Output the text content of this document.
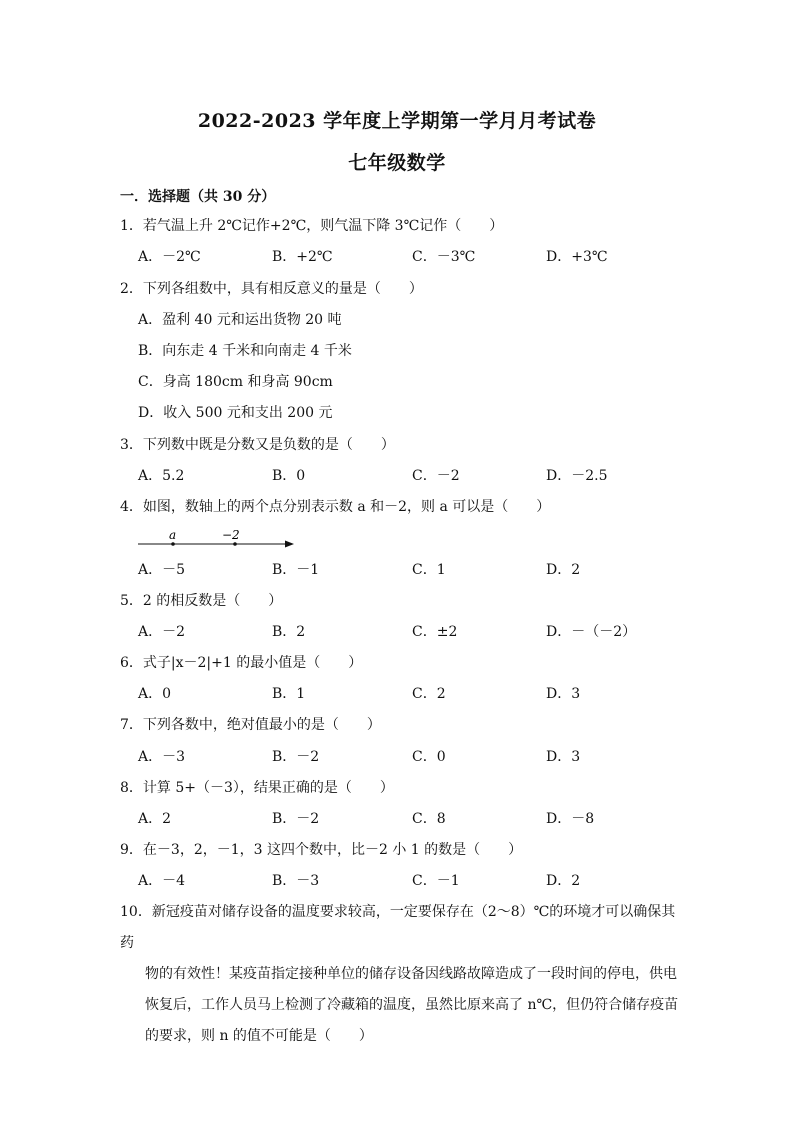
2022-2023 学年度上学期第一学月月考试卷
七年级数学
一．选择题（共 30 分）
1．若气温上升 2℃记作+2℃，则气温下降 3℃记作（　　）
A．－2℃	B．+2℃	C．－3℃	D．+3℃
2．下列各组数中，具有相反意义的量是（　　）
A．盈利 40 元和运出货物 20 吨
B．向东走 4 千米和向南走 4 千米
C．身高 180cm 和身高 90cm
D．收入 500 元和支出 200 元
3．下列数中既是分数又是负数的是（　　）
A．5.2	B．0	C．－2	D．－2.5
4．如图，数轴上的两个点分别表示数 a 和－2，则 a 可以是（　　）
a	−2
A．－5	B．－1	C．1	D．2
5．2 的相反数是（　　）
A．－2	B．2	C．±2	D．－（－2）
6．式子|x－2|+1 的最小值是（　　）
A．0	B．1	C．2	D．3
7．下列各数中，绝对值最小的是（　　）
A．－3	B．－2	C．0	D．3
8．计算 5+（－3），结果正确的是（　　）
A．2	B．－2	C．8	D．－8
9．在－3，2，－1，3 这四个数中，比－2 小 1 的数是（　　）
A．－4	B．－3	C．－1	D．2
10．新冠疫苗对储存设备的温度要求较高，一定要保存在（2～8）℃的环境才可以确保其药
物的有效性！某疫苗指定接种单位的储存设备因线路故障造成了一段时间的停电，供电恢复后，工作人员马上检测了冷藏箱的温度，虽然比原来高了 n℃，但仍符合储存疫苗的要求，则 n 的值不可能是（　　）
